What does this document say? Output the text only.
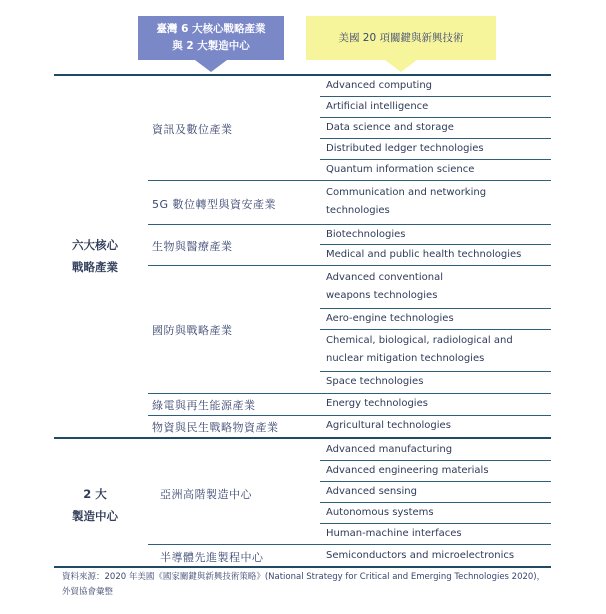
臺灣 6 大核心戰略產業
與 2 大製造中心
美國 20 項關鍵與新興技術
六大核心
戰略產業
2 大
製造中心
資訊及數位產業
5G 數位轉型與資安產業
生物與醫療產業
國防與戰略產業
綠電與再生能源產業
物資與民生戰略物資產業
亞洲高階製造中心
半導體先進製程中心
Advanced computing
Artificial intelligence
Data science and storage
Distributed ledger technologies
Quantum information science
Communication and networking technologies
Biotechnologies
Medical and public health technologies
Advanced conventional weapons technologies
Aero-engine technologies
Chemical, biological, radiological and nuclear mitigation technologies
Space technologies
Energy technologies
Agricultural technologies
Advanced manufacturing
Advanced engineering materials
Advanced sensing
Autonomous systems
Human-machine interfaces
Semiconductors and microelectronics
資料來源：2020 年美國《國家關鍵與新興技術策略》(National Strategy for Critical and Emerging Technologies 2020)，外貿協會彙整
